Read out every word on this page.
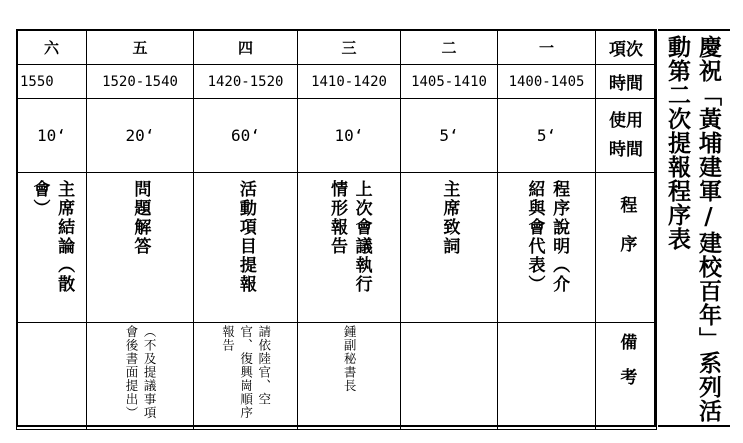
六	五	四	三	二	一	項次
1550	1520-1540	1420-1520	1410-1420	1405-1410	1400-1405	時間
10‘	20‘	60‘	10‘	5‘	5‘	使用時間
主席結論（散會）	問題解答	活動項目提報	上次會議執行情形報告	主席致詞	程序說明（介紹與會代表）	程序
	（不及提議事項會後書面提出）	請依陸官、空官、復興崗順序報告	鍾副秘書長			備考	慶祝「黃埔建軍/建校百年」系列活動第二次提報程序表
